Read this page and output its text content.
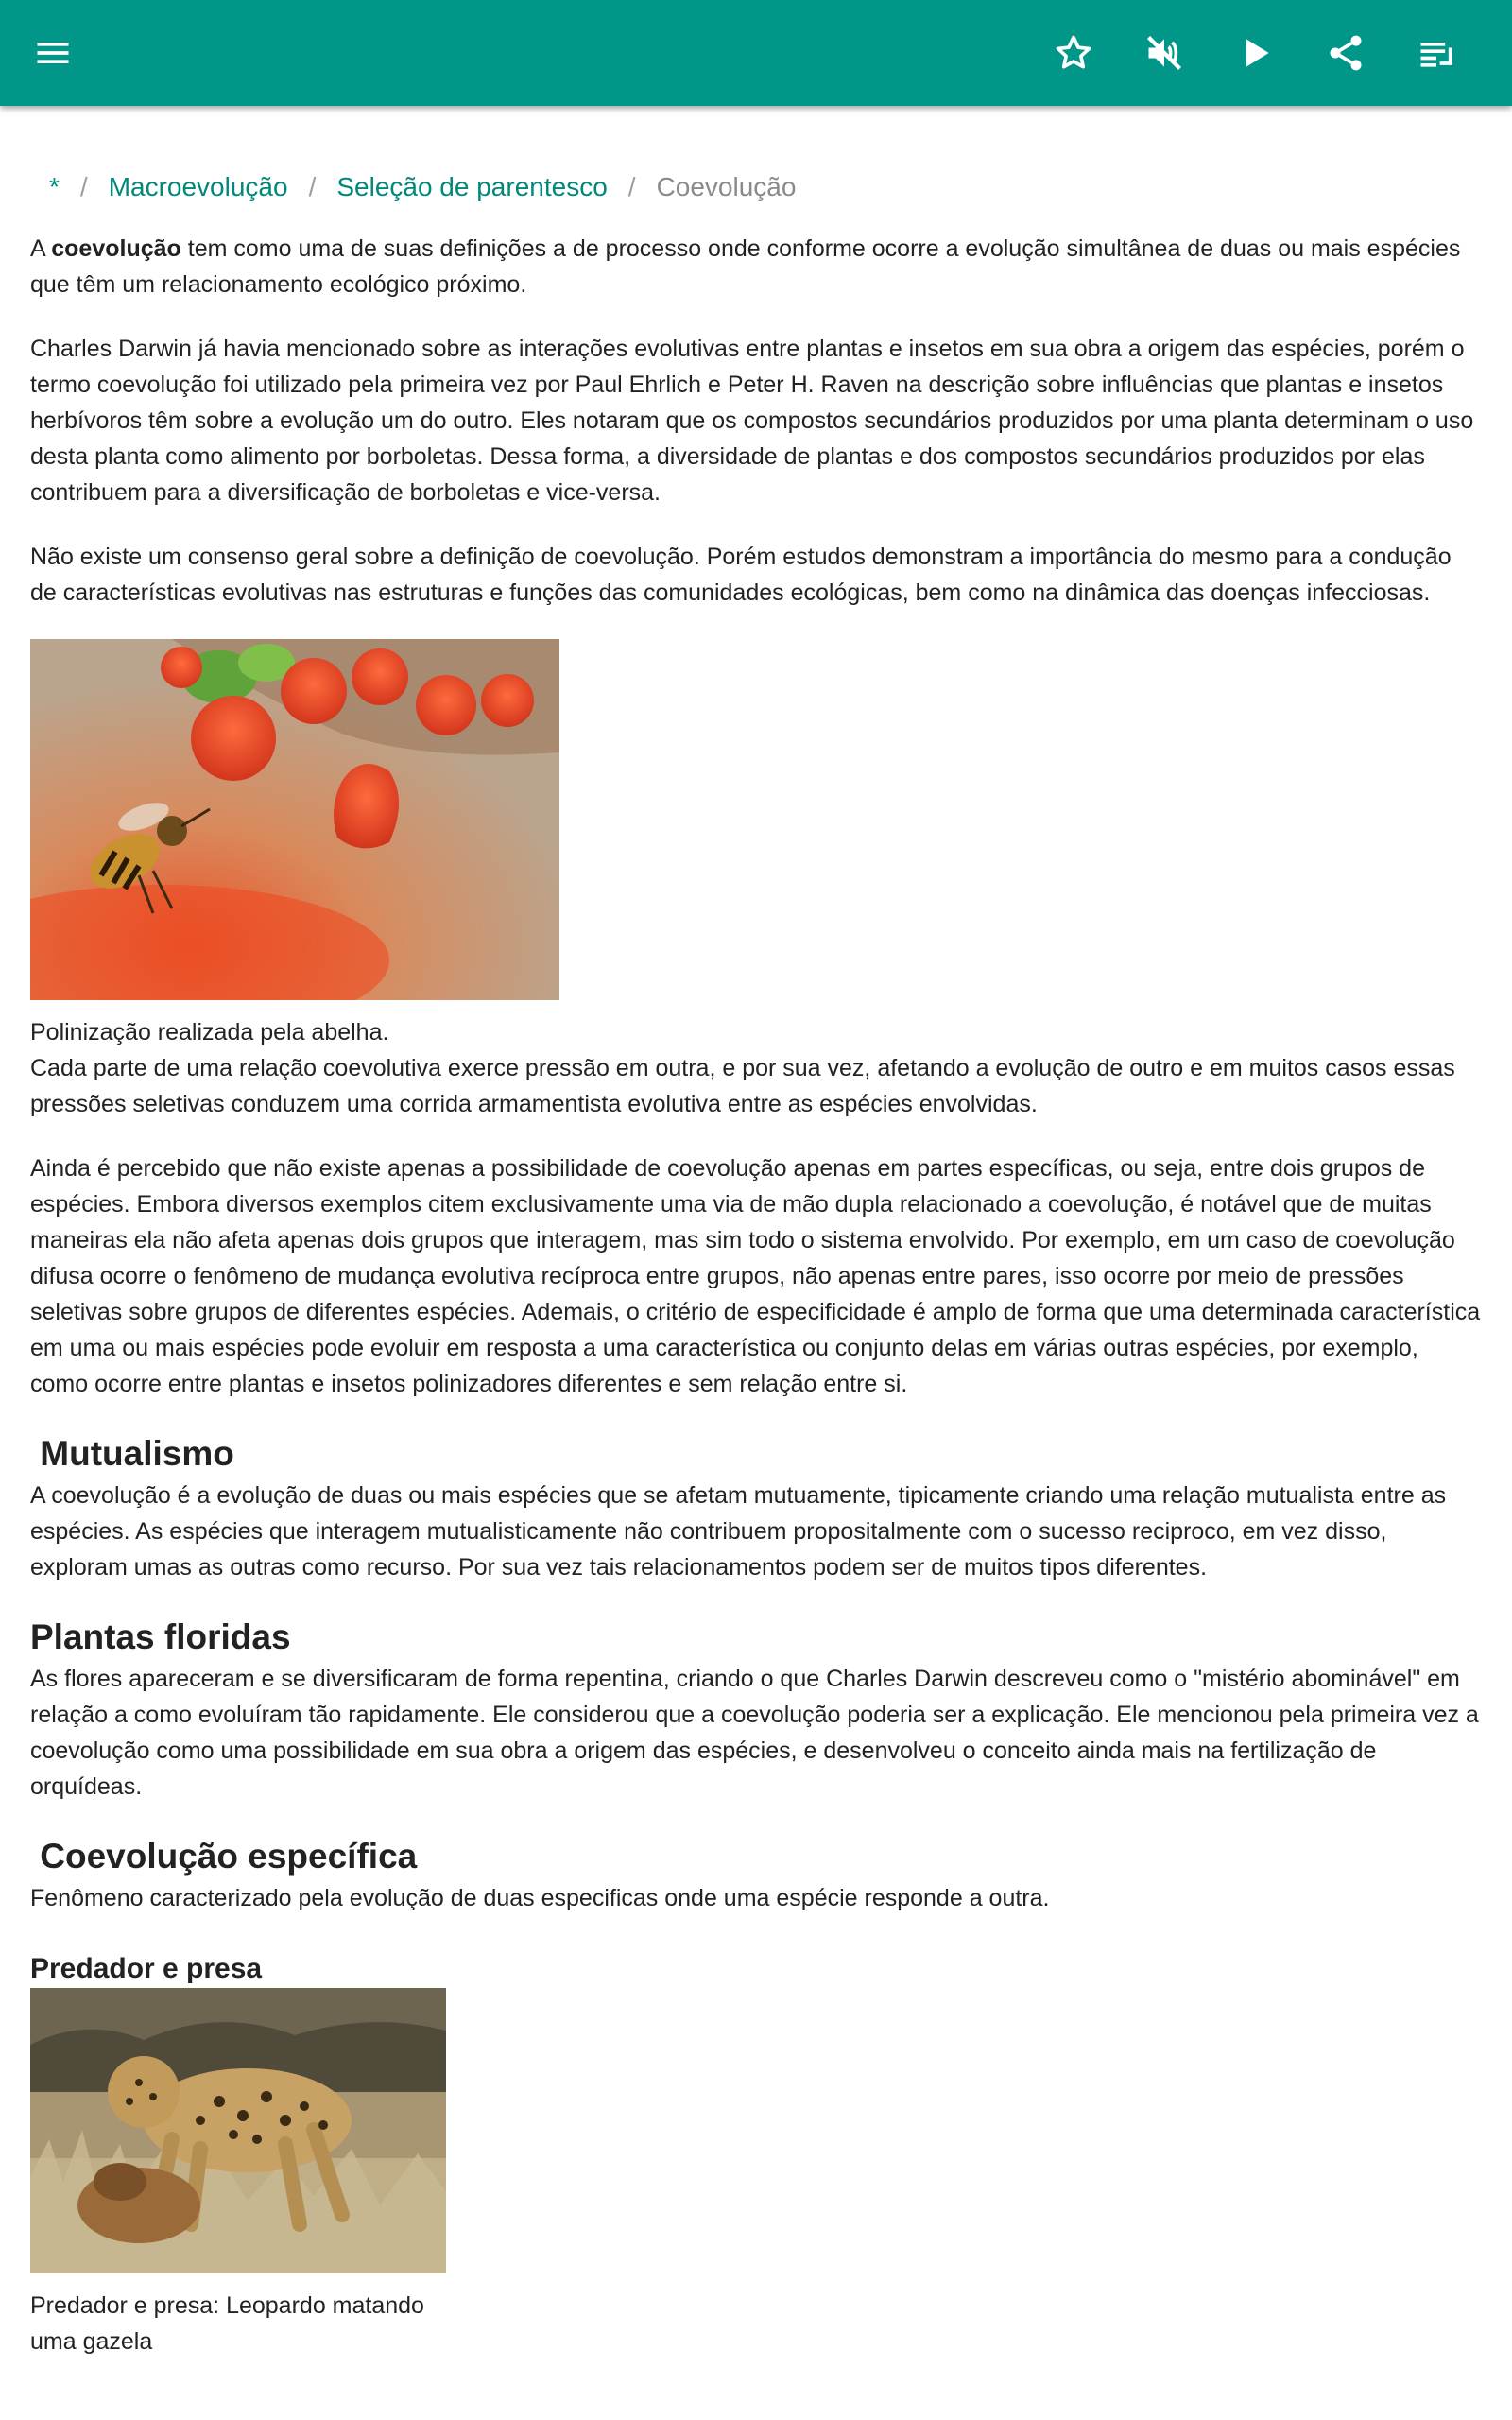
* / Macroevolução / Seleção de parentesco / Coevolução

A coevolução tem como uma de suas definições a de processo onde conforme ocorre a evolução simultânea de duas ou mais espécies que têm um relacionamento ecológico próximo.

Charles Darwin já havia mencionado sobre as interações evolutivas entre plantas e insetos em sua obra a origem das espécies, porém o termo coevolução foi utilizado pela primeira vez por Paul Ehrlich e Peter H. Raven na descrição sobre influências que plantas e insetos herbívoros têm sobre a evolução um do outro. Eles notaram que os compostos secundários produzidos por uma planta determinam o uso desta planta como alimento por borboletas. Dessa forma, a diversidade de plantas e dos compostos secundários produzidos por elas contribuem para a diversificação de borboletas e vice-versa.

Não existe um consenso geral sobre a definição de coevolução. Porém estudos demonstram a importância do mesmo para a condução de características evolutivas nas estruturas e funções das comunidades ecológicas, bem como na dinâmica das doenças infecciosas.

Polinização realizada pela abelha.

Cada parte de uma relação coevolutiva exerce pressão em outra, e por sua vez, afetando a evolução de outro e em muitos casos essas pressões seletivas conduzem uma corrida armamentista evolutiva entre as espécies envolvidas.

Ainda é percebido que não existe apenas a possibilidade de coevolução apenas em partes específicas, ou seja, entre dois grupos de espécies. Embora diversos exemplos citem exclusivamente uma via de mão dupla relacionado a coevolução, é notável que de muitas maneiras ela não afeta apenas dois grupos que interagem, mas sim todo o sistema envolvido. Por exemplo, em um caso de coevolução difusa ocorre o fenômeno de mudança evolutiva recíproca entre grupos, não apenas entre pares, isso ocorre por meio de pressões seletivas sobre grupos de diferentes espécies. Ademais, o critério de especificidade é amplo de forma que uma determinada característica em uma ou mais espécies pode evoluir em resposta a uma característica ou conjunto delas em várias outras espécies, por exemplo, como ocorre entre plantas e insetos polinizadores diferentes e sem relação entre si.

Mutualismo

A coevolução é a evolução de duas ou mais espécies que se afetam mutuamente, tipicamente criando uma relação mutualista entre as espécies. As espécies que interagem mutualisticamente não contribuem propositalmente com o sucesso reciproco, em vez disso, exploram umas as outras como recurso. Por sua vez tais relacionamentos podem ser de muitos tipos diferentes.

Plantas floridas

As flores apareceram e se diversificaram de forma repentina, criando o que Charles Darwin descreveu como o "mistério abominável" em relação a como evoluíram tão rapidamente. Ele considerou que a coevolução poderia ser a explicação. Ele mencionou pela primeira vez a coevolução como uma possibilidade em sua obra a origem das espécies, e desenvolveu o conceito ainda mais na fertilização de orquídeas.

Coevolução específica

Fenômeno caracterizado pela evolução de duas especificas onde uma espécie responde a outra.

Predador e presa
Predador e presa: Leopardo matando uma gazela
